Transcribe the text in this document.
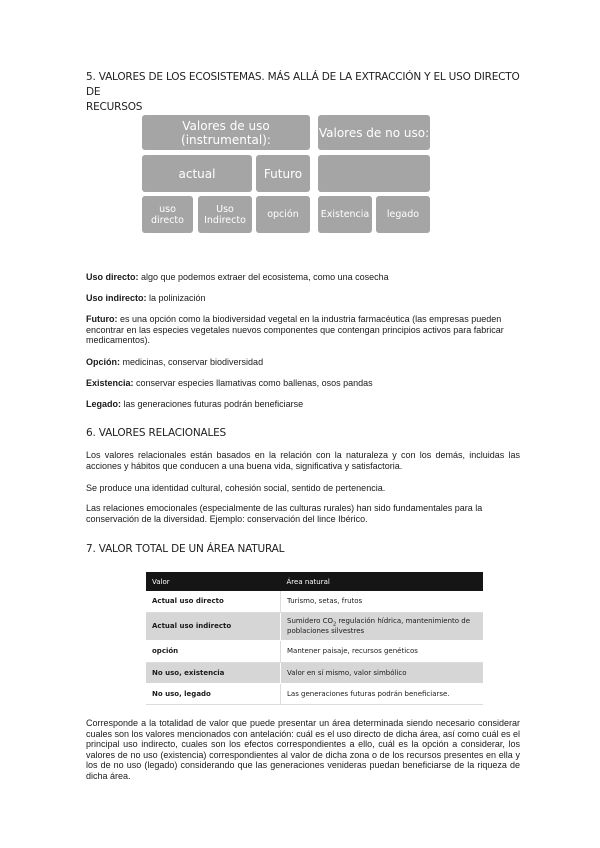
5. VALORES DE LOS ECOSISTEMAS. MÁS ALLÁ DE LA EXTRACCIÓN Y EL USO DIRECTO DE
RECURSOS
Valores de uso (instrumental):	Valores de no uso:
actual	Futuro
uso directo
Uso Indirecto	opción	Existencia	legado
Uso directo: algo que podemos extraer del ecosistema, como una cosecha
Uso indirecto: la polinización
Futuro: es una opción como la biodiversidad vegetal en la industria farmacéutica (las empresas pueden encontrar en las especies vegetales nuevos componentes que contengan principios activos para fabricar medicamentos).
Opción: medicinas, conservar biodiversidad
Existencia: conservar especies llamativas como ballenas, osos pandas
Legado: las generaciones futuras podrán beneficiarse
6. VALORES RELACIONALES
Los valores relacionales están basados en la relación con la naturaleza y con los demás, incluidas las acciones y hábitos que conducen a una buena vida, significativa y satisfactoria.
Se produce una identidad cultural, cohesión social, sentido de pertenencia.
Las relaciones emocionales (especialmente de las culturas rurales) han sido fundamentales para la conservación de la diversidad. Ejemplo: conservación del lince Ibérico.
7. VALOR TOTAL DE UN ÁREA NATURAL
Valor	Área natural
Actual uso directo	Turismo, setas, frutos
Actual uso indirecto	Sumidero $CO_2$ regulación hídrica, mantenimiento de poblaciones silvestres
opción	Mantener paisaje, recursos genéticos
No uso, existencia	Valor en sí mismo, valor simbólico
No uso, legado	Las generaciones futuras podrán beneficiarse.
Corresponde a la totalidad de valor que puede presentar un área determinada siendo necesario considerar cuales son los valores mencionados con antelación: cuál es el uso directo de dicha área, así como cuál es el principal uso indirecto, cuales son los efectos correspondientes a ello, cuál es la opción a considerar, los valores de no uso (existencia) correspondientes al valor de dicha zona o de los recursos presentes en ella y los de no uso (legado) considerando que las generaciones venideras puedan beneficiarse de la riqueza de dicha área.
